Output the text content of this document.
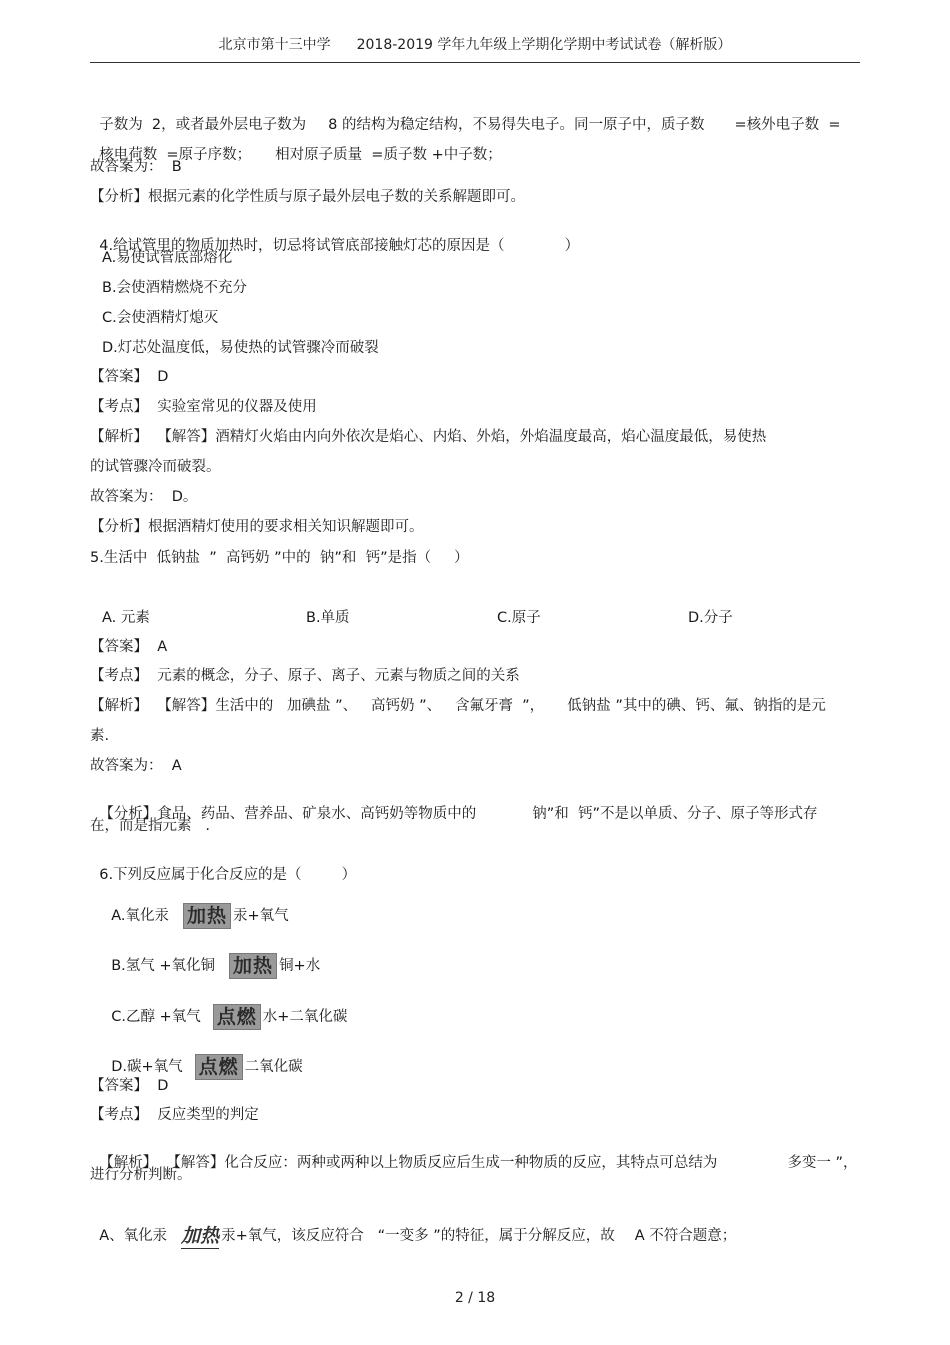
北京市第十三中学 2018-2019 学年九年级上学期化学期中考试试卷（解析版）

子数为  2，或者最外层电子数为 8 的结构为稳定结构，不易得失电子。同一原子中，质子数 =核外电子数  =

核电荷数  =原子序数； 相对原子质量  =质子数 +中子数；

故答案为：  B
【分析】根据元素的化学性质与原子最外层电子数的关系解题即可。

4.给试管里的物质加热时，切忌将试管底部接触灯芯的原因是（	）

A.易使试管底部熔化
B.会使酒精燃烧不充分
C.会使酒精灯熄灭
D.灯芯处温度低，易使热的试管骤冷而破裂
【答案】  D
【考点】  实验室常见的仪器及使用
【解析】  【解答】酒精灯火焰由内向外依次是焰心、内焰、外焰，外焰温度最高，焰心温度最低，易使热
的试管骤冷而破裂。
故答案为：  D。
【分析】根据酒精灯使用的要求相关知识解题即可。
5.生活中  低钠盐  ”  高钙奶 ”中的  钠”和  钙”是指（     ）
A. 元素	B.单质	C.原子	D.分子
【答案】  A
【考点】  元素的概念，分子、原子、离子、元素与物质之间的关系
【解析】  【解答】生活中的   加碘盐 ”、   高钙奶 ”、   含氟牙膏  ”，     低钠盐 ”其中的碘、钙、氟、钠指的是元
素.
故答案为：  A

【分析】食品、药品、营养品、矿泉水、高钙奶等物质中的	钠”和  钙”不是以单质、分子、原子等形式存

在，而是指元素   .

6.下列反应属于化合反应的是（	）

A.氧化汞 加热 汞+氧气

B.氢气 +氧化铜 加热 铜+水

C.乙醇 +氧气 点燃 水+二氧化碳

D.碳+氧气 点燃 二氧化碳

【答案】  D
【考点】  反应类型的判定

【解析】  【解答】化合反应：两种或两种以上物质反应后生成一种物质的反应，其特点可总结为	多变一 ”，

进行分析判断。

A、氧化汞 加热 汞+氧气，该反应符合   “一变多 ”的特征，属于分解反应，故 A 不符合题意；

2 / 18
